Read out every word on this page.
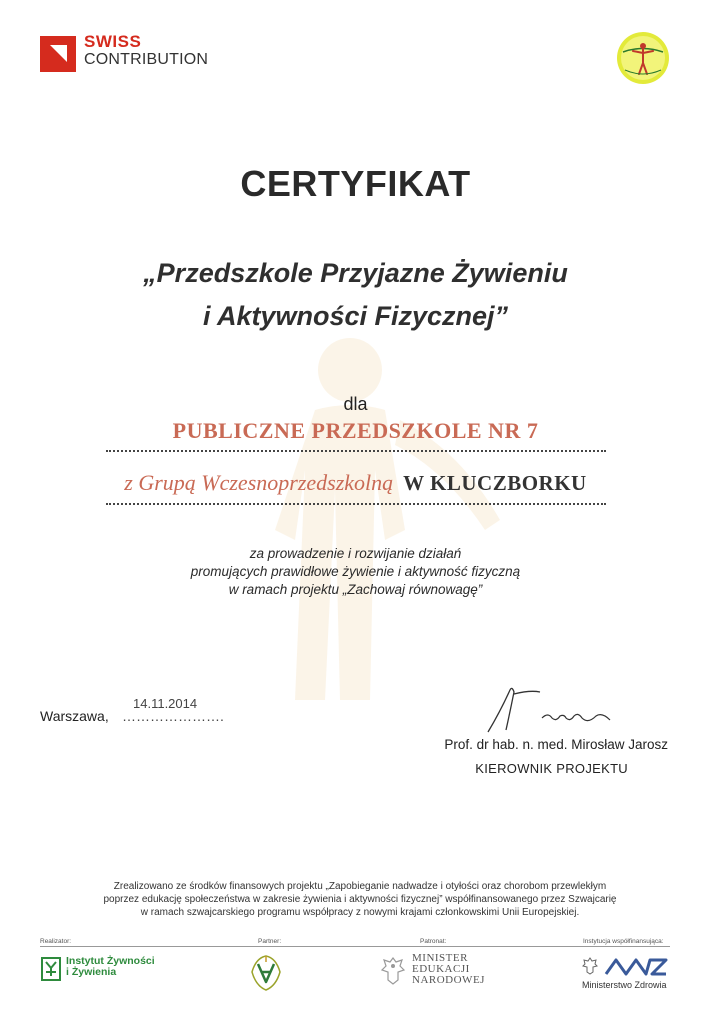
SWISS
CONTRIBUTION
CERTYFIKAT
„Przedszkole Przyjazne Żywieniu
i Aktywności Fizycznej”
dla
PUBLICZNE PRZEDSZKOLE NR 7
z Grupą Wczesnoprzedszkolną W KLUCZBORKU
za prowadzenie i rozwijanie działań
promujących prawidłowe żywienie i aktywność fizyczną
w ramach projektu „Zachowaj równowagę”
Warszawa, ………………….
14.11.2014
Prof. dr hab. n. med. Mirosław Jarosz
KIEROWNIK PROJEKTU
Zrealizowano ze środków finansowych projektu „Zapobieganie nadwadze i otyłości oraz chorobom przewlekłym
poprzez edukację społeczeństwa w zakresie żywienia i aktywności fizycznej” współfinansowanego przez Szwajcarię
w ramach szwajcarskiego programu współpracy z nowymi krajami członkowskimi Unii Europejskiej.
Realizator:	Partner:	Patronat:	Instytucja współfinansująca:
Instytut Żywności
i Żywienia
MINISTER
EDUKACJI
NARODOWEJ	Ministerstwo Zdrowia
